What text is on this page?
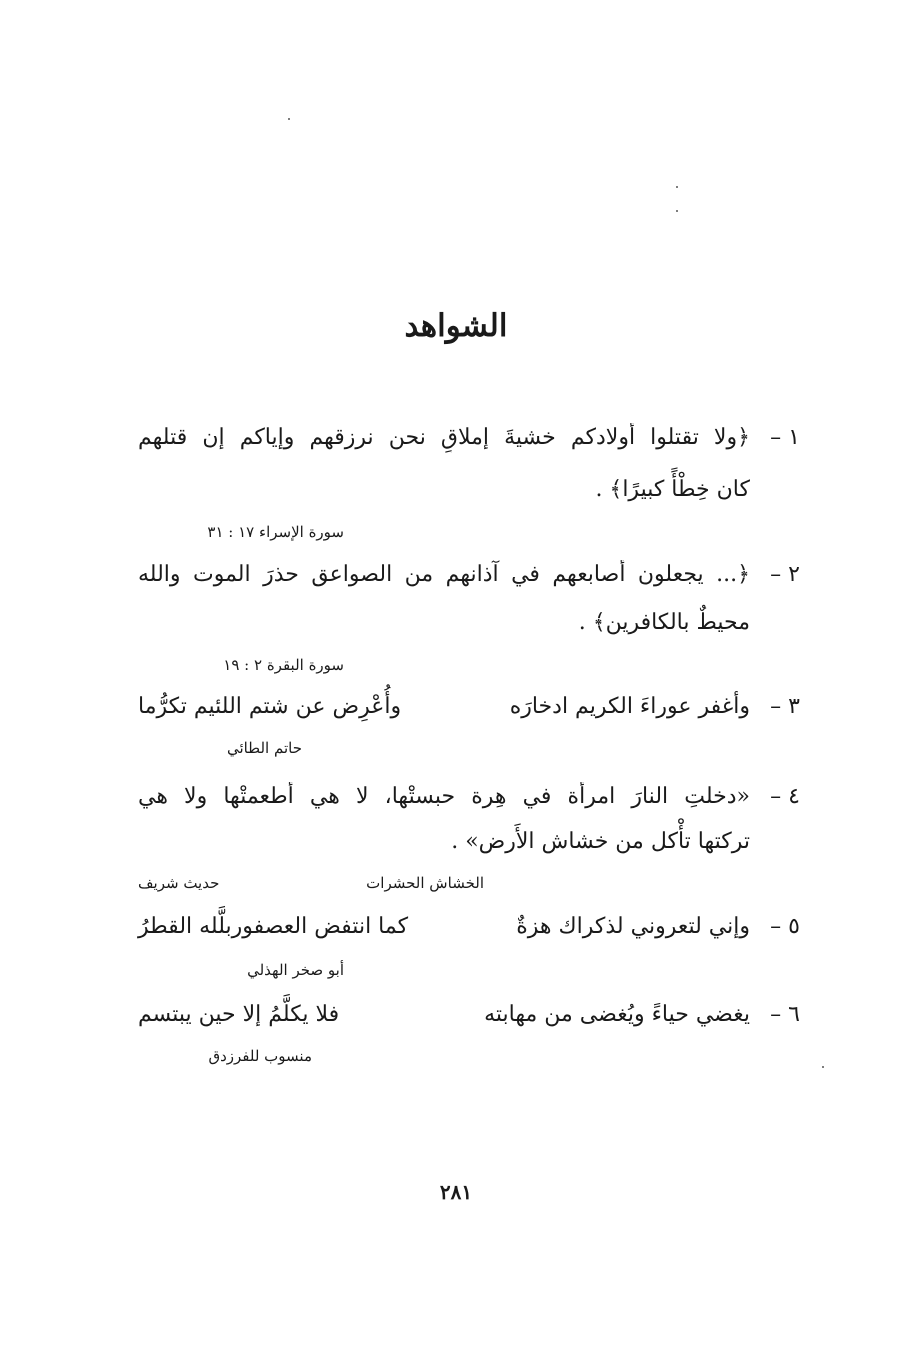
الشواهد
١ –
﴿ولا تقتلوا أولادكم خشيةَ إملاقٍ نحن نرزقهم وإياكم إن قتلهم
كان خِطْأً كبيرًا﴾ .
سورة الإسراء ١٧ : ٣١
٢ –
﴿... يجعلون أصابعهم في آذانهم من الصواعق حذرَ الموت والله
محيطٌ بالكافرين﴾ .
سورة البقرة ٢ : ١٩
٣ –
وأغفر عوراءَ الكريم ادخارَه
وأُعْرِض عن شتم اللئيم تكرُّما
حاتم الطائي
٤ –
«دخلتِ النارَ امرأة في هِرة حبستْها، لا هي أطعمتْها ولا هي
تركتها تأْكل من خشاش الأَرض» .
الخشاش الحشرات
حديث شريف
٥ –
وإني لتعروني لذكراك هزةٌ
كما انتفض العصفوربلَّله القطرُ
أبو صخر الهذلي
٦ –
يغضي حياءً ويُغضى من مهابته
فلا يكلَّمُ إلا حين يبتسم
منسوب للفرزدق
٢٨١
